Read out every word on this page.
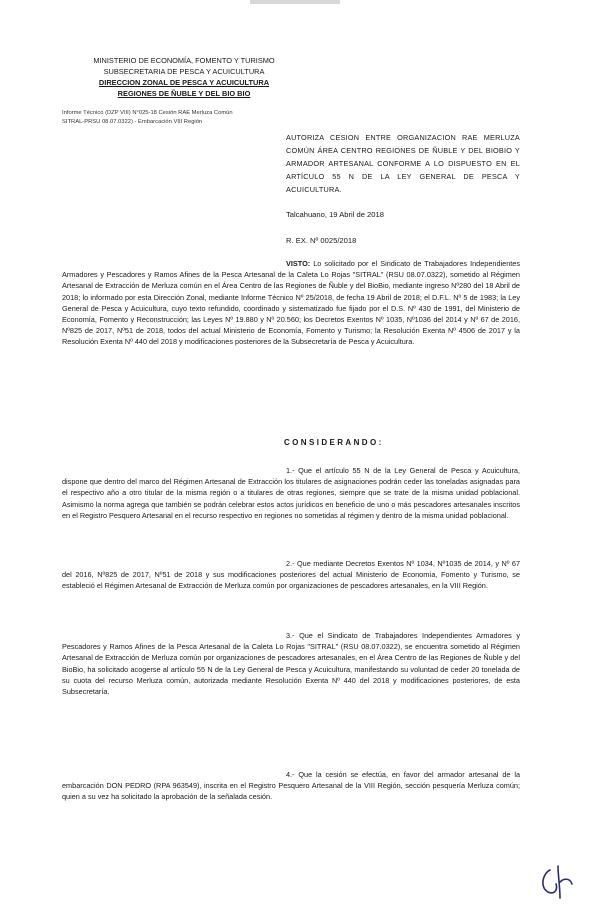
MINISTERIO DE ECONOMÍA, FOMENTO Y TURISMO
SUBSECRETARIA DE PESCA Y ACUICULTURA
DIRECCION ZONAL DE PESCA Y ACUICULTURA
REGIONES DE ÑUBLE Y DEL BIO BIO
Informe Técnico (DZP VIII) N°025-18 Cesión RAE Merluza Común
SITRAL-PRSU 08.07.0322) - Embarcación VIII Región
AUTORIZA CESION ENTRE ORGANIZACION RAE MERLUZA COMÚN ÁREA CENTRO REGIONES DE ÑUBLE Y DEL BIOBIO Y ARMADOR ARTESANAL CONFORME A LO DISPUESTO EN EL ARTÍCULO 55 N DE LA LEY GENERAL DE PESCA Y ACUICULTURA.
Talcahuano, 19 Abril de 2018
R. EX. Nº 0025/2018
VISTO: Lo solicitado por el Sindicato de Trabajadores Independientes Armadores y Pescadores y Ramos Afines de la Pesca Artesanal de la Caleta Lo Rojas "SITRAL" (RSU 08.07.0322), sometido al Régimen Artesanal de Extracción de Merluza común en el Área Centro de las Regiones de Ñuble y del BioBio, mediante ingreso Nº280 del 18 Abril de 2018; lo informado por esta Dirección Zonal, mediante Informe Técnico Nº 25/2018, de fecha 19 Abril de 2018; el D.F.L. Nº 5 de 1983; la Ley General de Pesca y Acuicultura, cuyo texto refundido, coordinado y sistematizado fue fijado por el D.S. Nº 430 de 1991, del Ministerio de Economía, Fomento y Reconstrucción; las Leyes Nº 19.880 y Nº 20.560; los Decretos Exentos Nº 1035, Nº1036 del 2014 y Nº 67 de 2016, Nº825 de 2017, Nº51 de 2018, todos del actual Ministerio de Economía, Fomento y Turismo; la Resolución Exenta Nº 4506 de 2017 y la Resolución Exenta Nº 440 del 2018 y modificaciones posteriores de la Subsecretaría de Pesca y Acuicultura.
CONSIDERANDO:
1.- Que el artículo 55 N de la Ley General de Pesca y Acuicultura, dispone que dentro del marco del Régimen Artesanal de Extracción los titulares de asignaciones podrán ceder las toneladas asignadas para el respectivo año a otro titular de la misma región o a titulares de otras regiones, siempre que se trate de la misma unidad poblacional. Asimismo la norma agrega que también se podrán celebrar estos actos jurídicos en beneficio de uno o más pescadores artesanales inscritos en el Registro Pesquero Artesanal en el recurso respectivo en regiones no sometidas al régimen y dentro de la misma unidad poblacional.
2.- Que mediante Decretos Exentos Nº 1034, Nº1035 de 2014, y Nº 67 del 2016, Nº825 de 2017, Nº51 de 2018 y sus modificaciones posteriores del actual Ministerio de Economía, Fomento y Turismo, se estableció el Régimen Artesanal de Extracción de Merluza común por organizaciones de pescadores artesanales, en la VIII Región.
3.- Que el Sindicato de Trabajadores Independientes Armadores y Pescadores y Ramos Afines de la Pesca Artesanal de la Caleta Lo Rojas "SITRAL" (RSU 08.07.0322), se encuentra sometido al Régimen Artesanal de Extracción de Merluza común por organizaciones de pescadores artesanales, en el Área Centro de las Regiones de Ñuble y del BioBio, ha solicitado acogerse al artículo 55 N de la Ley General de Pesca y Acuicultura, manifestando su voluntad de ceder 20 tonelada de su cuota del recurso Merluza común, autorizada mediante Resolución Exenta Nº 440 del 2018 y modificaciones posteriores, de esta Subsecretaría.
4.- Que la cesión se efectúa, en favor del armador artesanal de la embarcación DON PEDRO (RPA 963549), inscrita en el Registro Pesquero Artesanal de la VIII Región, sección pesquería Merluza común; quien a su vez ha solicitado la aprobación de la señalada cesión.
